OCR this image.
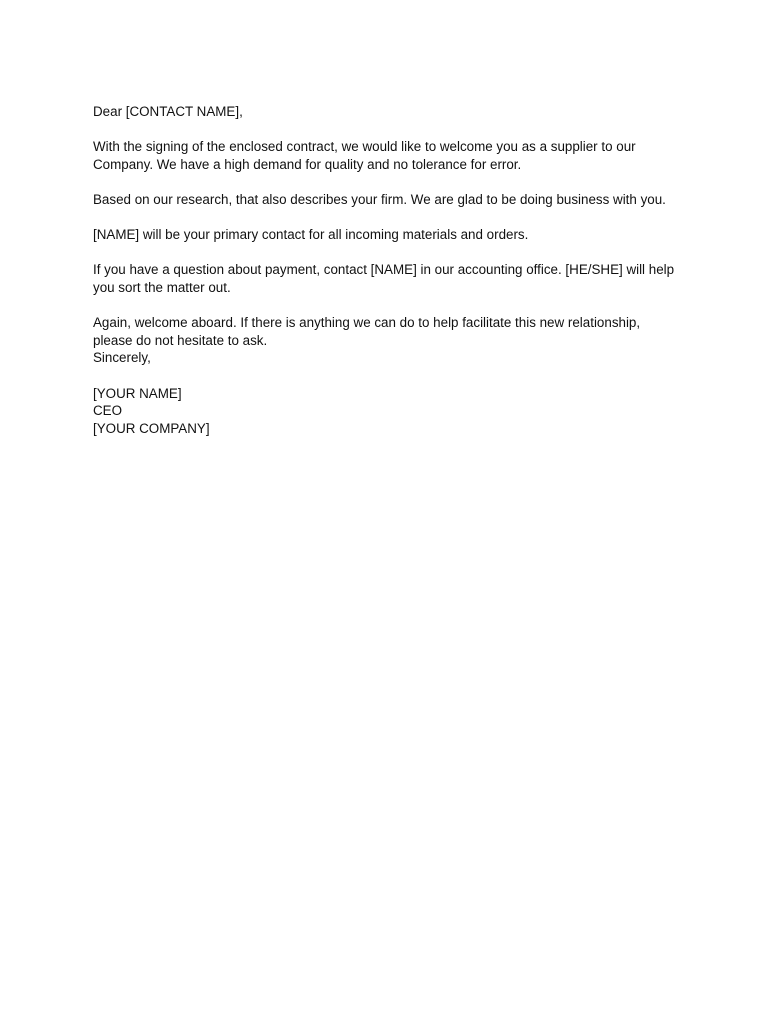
Dear [CONTACT NAME],

With the signing of the enclosed contract, we would like to welcome you as a supplier to our Company. We have a high demand for quality and no tolerance for error.

Based on our research, that also describes your firm. We are glad to be doing business with you.

[NAME] will be your primary contact for all incoming materials and orders.

If you have a question about payment, contact [NAME] in our accounting office. [HE/SHE] will help you sort the matter out.

Again, welcome aboard. If there is anything we can do to help facilitate this new relationship, please do not hesitate to ask.

Sincerely,

[YOUR NAME]

CEO

[YOUR COMPANY]
